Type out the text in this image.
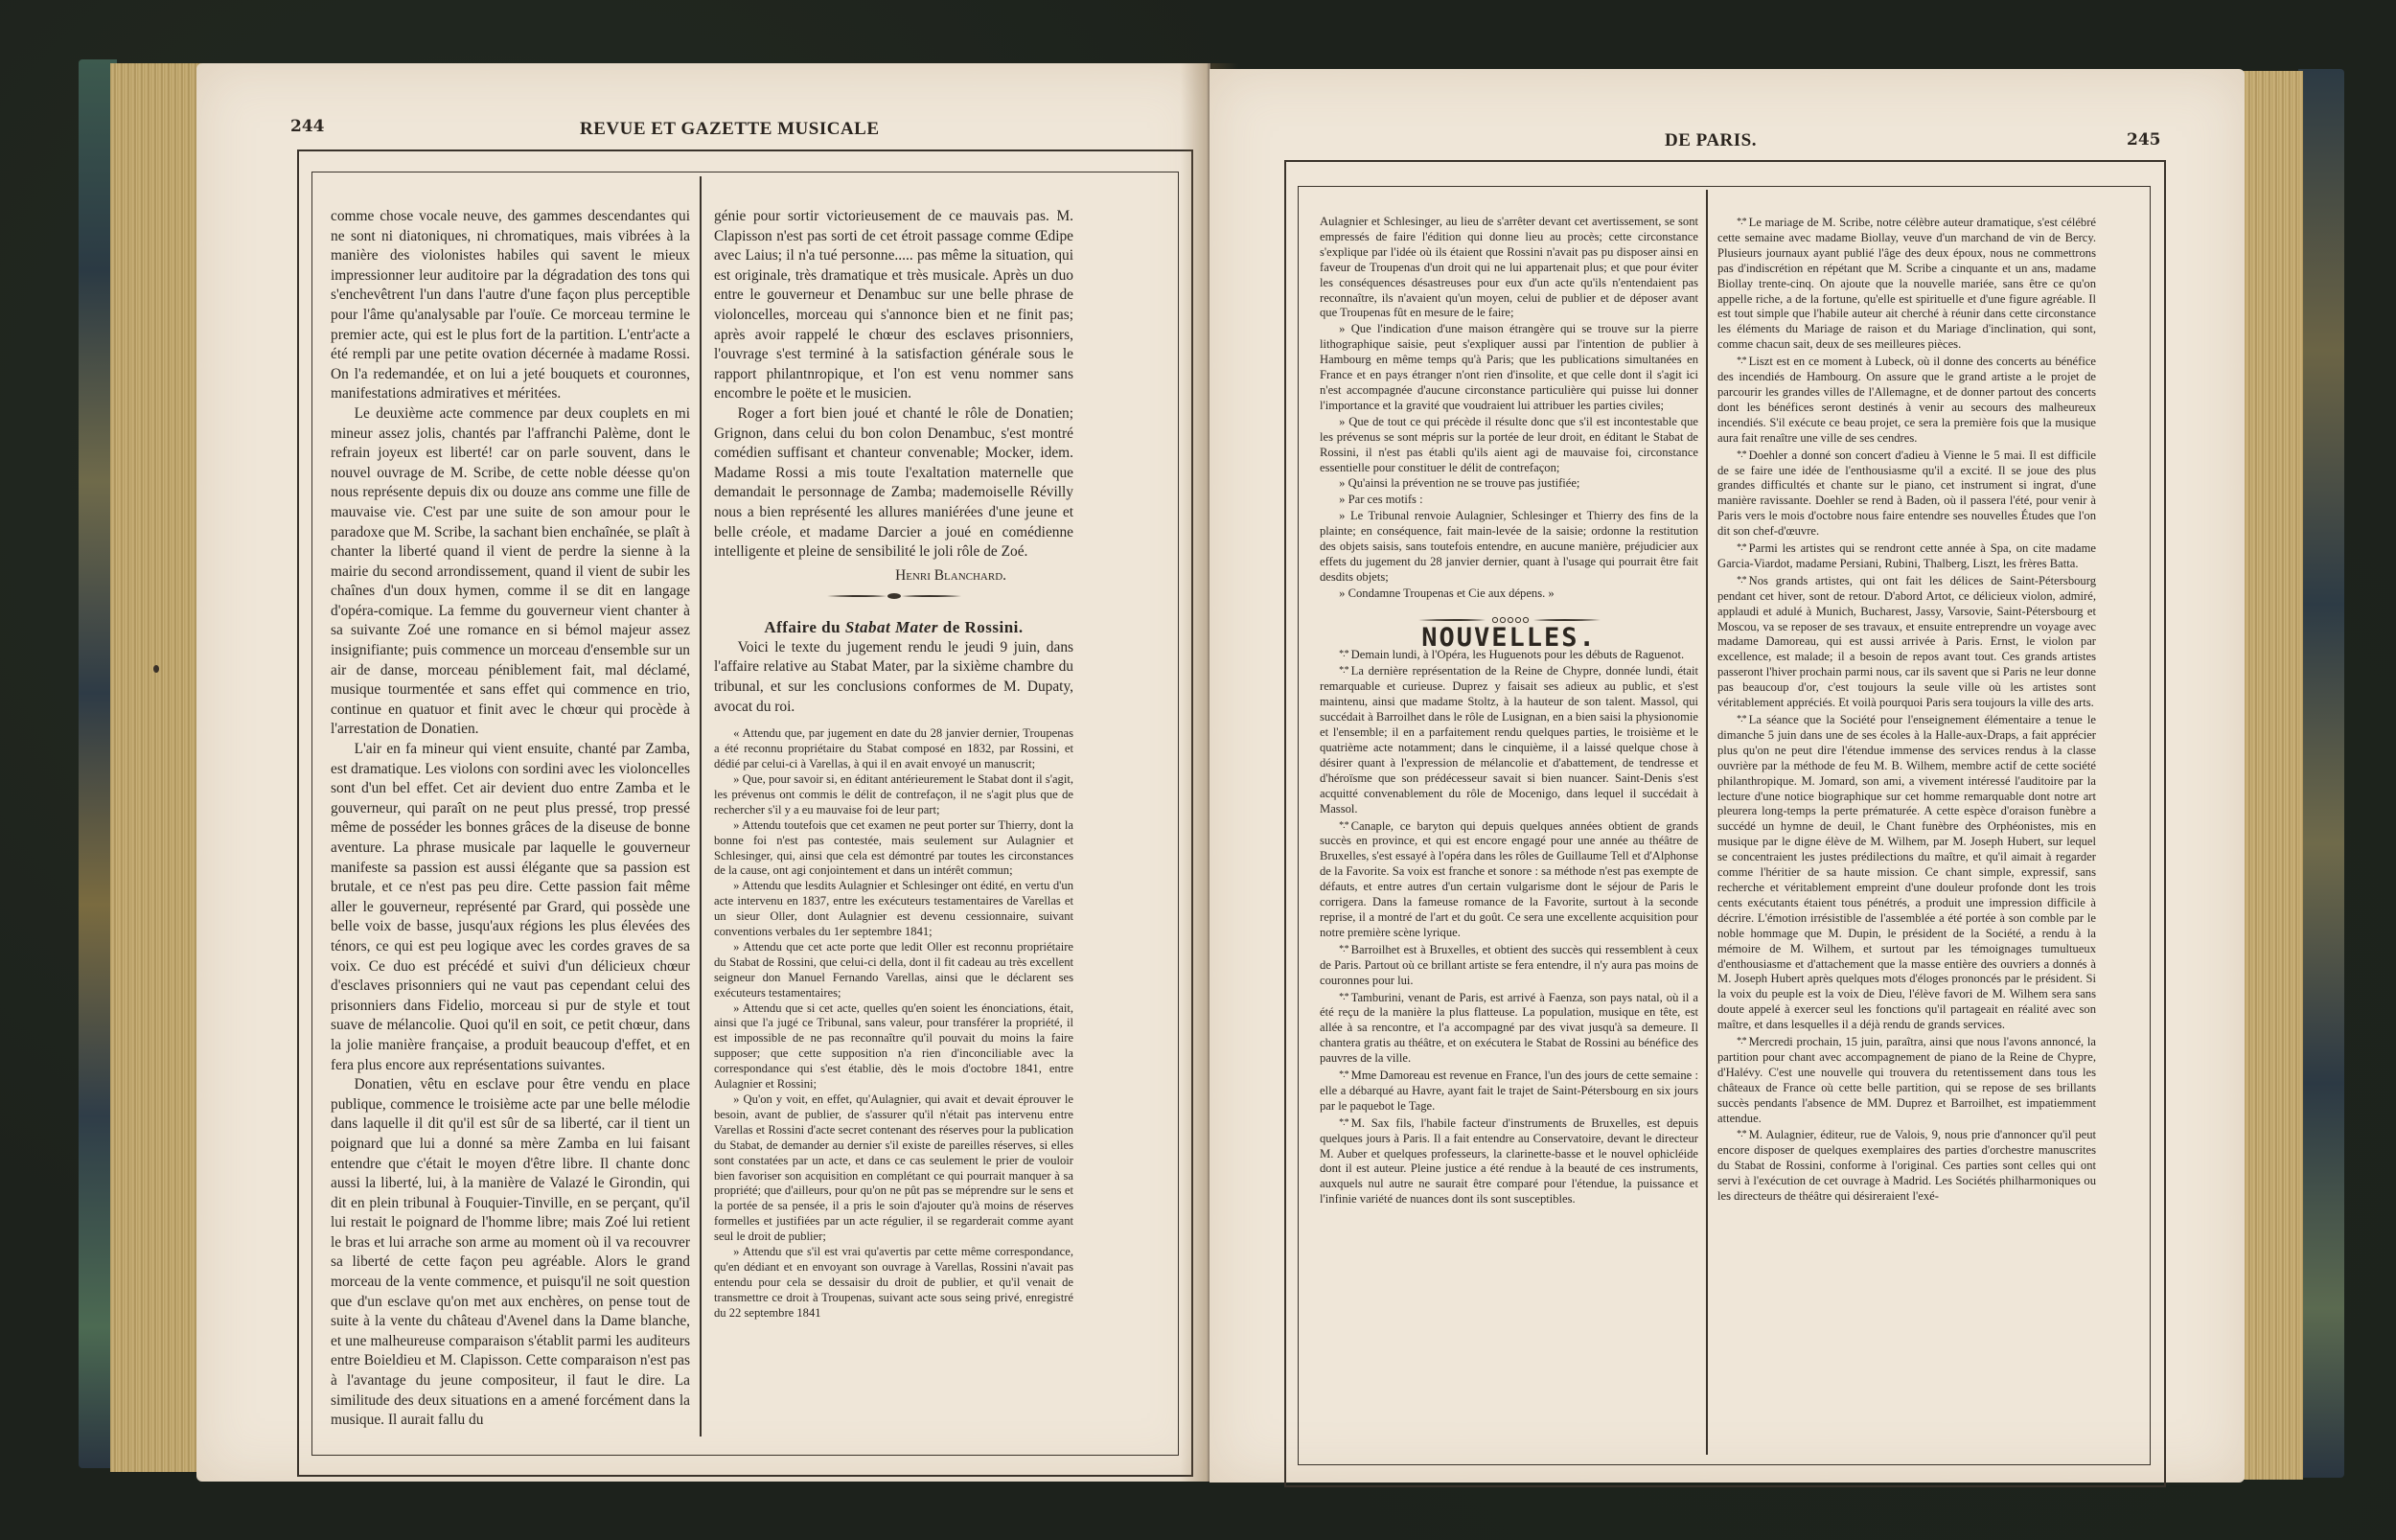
244	REVUE ET GAZETTE MUSICALE

comme chose vocale neuve, des gammes descendantes qui ne sont ni diatoniques, ni chromatiques, mais vibrées à la manière des violonistes habiles qui savent le mieux impressionner leur auditoire par la dégradation des tons qui s'enchevêtrent l'un dans l'autre d'une façon plus perceptible pour l'âme qu'analysable par l'ouïe. Ce morceau termine le premier acte, qui est le plus fort de la partition. L'entr'acte a été rempli par une petite ovation décernée à madame Rossi. On l'a redemandée, et on lui a jeté bouquets et couronnes, manifestations admiratives et méritées.

Le deuxième acte commence par deux couplets en mi mineur assez jolis, chantés par l'affranchi Palème, dont le refrain joyeux est liberté! car on parle souvent, dans le nouvel ouvrage de M. Scribe, de cette noble déesse qu'on nous représente depuis dix ou douze ans comme une fille de mauvaise vie. C'est par une suite de son amour pour le paradoxe que M. Scribe, la sachant bien enchaînée, se plaît à chanter la liberté quand il vient de perdre la sienne à la mairie du second arrondissement, quand il vient de subir les chaînes d'un doux hymen, comme il se dit en langage d'opéra-comique. La femme du gouverneur vient chanter à sa suivante Zoé une romance en si bémol majeur assez insignifiante; puis commence un morceau d'ensemble sur un air de danse, morceau péniblement fait, mal déclamé, musique tourmentée et sans effet qui commence en trio, continue en quatuor et finit avec le chœur qui procède à l'arrestation de Donatien.

L'air en fa mineur qui vient ensuite, chanté par Zamba, est dramatique. Les violons con sordini avec les violoncelles sont d'un bel effet. Cet air devient duo entre Zamba et le gouverneur, qui paraît on ne peut plus pressé, trop pressé même de posséder les bonnes grâces de la diseuse de bonne aventure. La phrase musicale par laquelle le gouverneur manifeste sa passion est aussi élégante que sa passion est brutale, et ce n'est pas peu dire. Cette passion fait même aller le gouverneur, représenté par Grard, qui possède une belle voix de basse, jusqu'aux régions les plus élevées des ténors, ce qui est peu logique avec les cordes graves de sa voix. Ce duo est précédé et suivi d'un délicieux chœur d'esclaves prisonniers qui ne vaut pas cependant celui des prisonniers dans Fidelio, morceau si pur de style et tout suave de mélancolie. Quoi qu'il en soit, ce petit chœur, dans la jolie manière française, a produit beaucoup d'effet, et en fera plus encore aux représentations suivantes.

Donatien, vêtu en esclave pour être vendu en place publique, commence le troisième acte par une belle mélodie dans laquelle il dit qu'il est sûr de sa liberté, car il tient un poignard que lui a donné sa mère Zamba en lui faisant entendre que c'était le moyen d'être libre. Il chante donc aussi la liberté, lui, à la manière de Valazé le Girondin, qui dit en plein tribunal à Fouquier-Tinville, en se perçant, qu'il lui restait le poignard de l'homme libre; mais Zoé lui retient le bras et lui arrache son arme au moment où il va recouvrer sa liberté de cette façon peu agréable. Alors le grand morceau de la vente commence, et puisqu'il ne soit question que d'un esclave qu'on met aux enchères, on pense tout de suite à la vente du château d'Avenel dans la Dame blanche, et une malheureuse comparaison s'établit parmi les auditeurs entre Boieldieu et M. Clapisson. Cette comparaison n'est pas à l'avantage du jeune compositeur, il faut le dire. La similitude des deux situations en a amené forcément dans la musique. Il aurait fallu du

génie pour sortir victorieusement de ce mauvais pas. M. Clapisson n'est pas sorti de cet étroit passage comme Œdipe avec Laius; il n'a tué personne..... pas même la situation, qui est originale, très dramatique et très musicale. Après un duo entre le gouverneur et Denambuc sur une belle phrase de violoncelles, morceau qui s'annonce bien et ne finit pas; après avoir rappelé le chœur des esclaves prisonniers, l'ouvrage s'est terminé à la satisfaction générale sous le rapport philantnropique, et l'on est venu nommer sans encombre le poëte et le musicien.

Roger a fort bien joué et chanté le rôle de Donatien; Grignon, dans celui du bon colon Denambuc, s'est montré comédien suffisant et chanteur convenable; Mocker, idem. Madame Rossi a mis toute l'exaltation maternelle que demandait le personnage de Zamba; mademoiselle Révilly nous a bien représenté les allures maniérées d'une jeune et belle créole, et madame Darcier a joué en comédienne intelligente et pleine de sensibilité le joli rôle de Zoé.

Henri Blanchard.

Affaire du Stabat Mater de Rossini.

Voici le texte du jugement rendu le jeudi 9 juin, dans l'affaire relative au Stabat Mater, par la sixième chambre du tribunal, et sur les conclusions conformes de M. Dupaty, avocat du roi.

« Attendu que, par jugement en date du 28 janvier dernier, Troupenas a été reconnu propriétaire du Stabat composé en 1832, par Rossini, et dédié par celui-ci à Varellas, à qui il en avait envoyé un manuscrit;

» Que, pour savoir si, en éditant antérieurement le Stabat dont il s'agit, les prévenus ont commis le délit de contrefaçon, il ne s'agit plus que de rechercher s'il y a eu mauvaise foi de leur part;

» Attendu toutefois que cet examen ne peut porter sur Thierry, dont la bonne foi n'est pas contestée, mais seulement sur Aulagnier et Schlesinger, qui, ainsi que cela est démontré par toutes les circonstances de la cause, ont agi conjointement et dans un intérêt commun;

» Attendu que lesdits Aulagnier et Schlesinger ont édité, en vertu d'un acte intervenu en 1837, entre les exécuteurs testamentaires de Varellas et un sieur Oller, dont Aulagnier est devenu cessionnaire, suivant conventions verbales du 1er septembre 1841;

» Attendu que cet acte porte que ledit Oller est reconnu propriétaire du Stabat de Rossini, que celui-ci della, dont il fit cadeau au très excellent seigneur don Manuel Fernando Varellas, ainsi que le déclarent ses exécuteurs testamentaires;

» Attendu que si cet acte, quelles qu'en soient les énonciations, était, ainsi que l'a jugé ce Tribunal, sans valeur, pour transférer la propriété, il est impossible de ne pas reconnaître qu'il pouvait du moins la faire supposer; que cette supposition n'a rien d'inconciliable avec la correspondance qui s'est établie, dès le mois d'octobre 1841, entre Aulagnier et Rossini;

» Qu'on y voit, en effet, qu'Aulagnier, qui avait et devait éprouver le besoin, avant de publier, de s'assurer qu'il n'était pas intervenu entre Varellas et Rossini d'acte secret contenant des réserves pour la publication du Stabat, de demander au dernier s'il existe de pareilles réserves, si elles sont constatées par un acte, et dans ce cas seulement le prier de vouloir bien favoriser son acquisition en complétant ce qui pourrait manquer à sa propriété; que d'ailleurs, pour qu'on ne pût pas se méprendre sur le sens et la portée de sa pensée, il a pris le soin d'ajouter qu'à moins de réserves formelles et justifiées par un acte régulier, il se regarderait comme ayant seul le droit de publier;

» Attendu que s'il est vrai qu'avertis par cette même correspondance, qu'en dédiant et en envoyant son ouvrage à Varellas, Rossini n'avait pas entendu pour cela se dessaisir du droit de publier, et qu'il venait de transmettre ce droit à Troupenas, suivant acte sous seing privé, enregistré du 22 septembre 1841

DE PARIS.	245

Aulagnier et Schlesinger, au lieu de s'arrêter devant cet avertissement, se sont empressés de faire l'édition qui donne lieu au procès; cette circonstance s'explique par l'idée où ils étaient que Rossini n'avait pas pu disposer ainsi en faveur de Troupenas d'un droit qui ne lui appartenait plus; et que pour éviter les conséquences désastreuses pour eux d'un acte qu'ils n'entendaient pas reconnaître, ils n'avaient qu'un moyen, celui de publier et de déposer avant que Troupenas fût en mesure de le faire;

» Que l'indication d'une maison étrangère qui se trouve sur la pierre lithographique saisie, peut s'expliquer aussi par l'intention de publier à Hambourg en même temps qu'à Paris; que les publications simultanées en France et en pays étranger n'ont rien d'insolite, et que celle dont il s'agit ici n'est accompagnée d'aucune circonstance particulière qui puisse lui donner l'importance et la gravité que voudraient lui attribuer les parties civiles;

» Que de tout ce qui précède il résulte donc que s'il est incontestable que les prévenus se sont mépris sur la portée de leur droit, en éditant le Stabat de Rossini, il n'est pas établi qu'ils aient agi de mauvaise foi, circonstance essentielle pour constituer le délit de contrefaçon;

» Qu'ainsi la prévention ne se trouve pas justifiée;

» Par ces motifs :

» Le Tribunal renvoie Aulagnier, Schlesinger et Thierry des fins de la plainte; en conséquence, fait main-levée de la saisie; ordonne la restitution des objets saisis, sans toutefois entendre, en aucune manière, préjudicier aux effets du jugement du 28 janvier dernier, quant à l'usage qui pourrait être fait desdits objets;

» Condamne Troupenas et Cie aux dépens. »

NOUVELLES.

*.* Demain lundi, à l'Opéra, les Huguenots pour les débuts de Raguenot.

*.* La dernière représentation de la Reine de Chypre, donnée lundi, était remarquable et curieuse. Duprez y faisait ses adieux au public, et s'est maintenu, ainsi que madame Stoltz, à la hauteur de son talent. Massol, qui succédait à Barroilhet dans le rôle de Lusignan, en a bien saisi la physionomie et l'ensemble; il en a parfaitement rendu quelques parties, le troisième et le quatrième acte notamment; dans le cinquième, il a laissé quelque chose à désirer quant à l'expression de mélancolie et d'abattement, de tendresse et d'héroïsme que son prédécesseur savait si bien nuancer. Saint-Denis s'est acquitté convenablement du rôle de Mocenigo, dans lequel il succédait à Massol.

*.* Canaple, ce baryton qui depuis quelques années obtient de grands succès en province, et qui est encore engagé pour une année au théâtre de Bruxelles, s'est essayé à l'opéra dans les rôles de Guillaume Tell et d'Alphonse de la Favorite. Sa voix est franche et sonore : sa méthode n'est pas exempte de défauts, et entre autres d'un certain vulgarisme dont le séjour de Paris le corrigera. Dans la fameuse romance de la Favorite, surtout à la seconde reprise, il a montré de l'art et du goût. Ce sera une excellente acquisition pour notre première scène lyrique.

*.* Barroilhet est à Bruxelles, et obtient des succès qui ressemblent à ceux de Paris. Partout où ce brillant artiste se fera entendre, il n'y aura pas moins de couronnes pour lui.

*.* Tamburini, venant de Paris, est arrivé à Faenza, son pays natal, où il a été reçu de la manière la plus flatteuse. La population, musique en tête, est allée à sa rencontre, et l'a accompagné par des vivat jusqu'à sa demeure. Il chantera gratis au théâtre, et on exécutera le Stabat de Rossini au bénéfice des pauvres de la ville.

*.* Mme Damoreau est revenue en France, l'un des jours de cette semaine : elle a débarqué au Havre, ayant fait le trajet de Saint-Pétersbourg en six jours par le paquebot le Tage.

*.* M. Sax fils, l'habile facteur d'instruments de Bruxelles, est depuis quelques jours à Paris. Il a fait entendre au Conservatoire, devant le directeur M. Auber et quelques professeurs, la clarinette-basse et le nouvel ophicléide dont il est auteur. Pleine justice a été rendue à la beauté de ces instruments, auxquels nul autre ne saurait être comparé pour l'étendue, la puissance et l'infinie variété de nuances dont ils sont susceptibles.

*.* Le mariage de M. Scribe, notre célèbre auteur dramatique, s'est célébré cette semaine avec madame Biollay, veuve d'un marchand de vin de Bercy. Plusieurs journaux ayant publié l'âge des deux époux, nous ne commettrons pas d'indiscrétion en répétant que M. Scribe a cinquante et un ans, madame Biollay trente-cinq. On ajoute que la nouvelle mariée, sans être ce qu'on appelle riche, a de la fortune, qu'elle est spirituelle et d'une figure agréable. Il est tout simple que l'habile auteur ait cherché à réunir dans cette circonstance les éléments du Mariage de raison et du Mariage d'inclination, qui sont, comme chacun sait, deux de ses meilleures pièces.

*.* Liszt est en ce moment à Lubeck, où il donne des concerts au bénéfice des incendiés de Hambourg. On assure que le grand artiste a le projet de parcourir les grandes villes de l'Allemagne, et de donner partout des concerts dont les bénéfices seront destinés à venir au secours des malheureux incendiés. S'il exécute ce beau projet, ce sera la première fois que la musique aura fait renaître une ville de ses cendres.

*.* Doehler a donné son concert d'adieu à Vienne le 5 mai. Il est difficile de se faire une idée de l'enthousiasme qu'il a excité. Il se joue des plus grandes difficultés et chante sur le piano, cet instrument si ingrat, d'une manière ravissante. Doehler se rend à Baden, où il passera l'été, pour venir à Paris vers le mois d'octobre nous faire entendre ses nouvelles Études que l'on dit son chef-d'œuvre.

*.* Parmi les artistes qui se rendront cette année à Spa, on cite madame Garcia-Viardot, madame Persiani, Rubini, Thalberg, Liszt, les frères Batta.

*.* Nos grands artistes, qui ont fait les délices de Saint-Pétersbourg pendant cet hiver, sont de retour. D'abord Artot, ce délicieux violon, admiré, applaudi et adulé à Munich, Bucharest, Jassy, Varsovie, Saint-Pétersbourg et Moscou, va se reposer de ses travaux, et ensuite entreprendre un voyage avec madame Damoreau, qui est aussi arrivée à Paris. Ernst, le violon par excellence, est malade; il a besoin de repos avant tout. Ces grands artistes passeront l'hiver prochain parmi nous, car ils savent que si Paris ne leur donne pas beaucoup d'or, c'est toujours la seule ville où les artistes sont véritablement appréciés. Et voilà pourquoi Paris sera toujours la ville des arts.

*.* La séance que la Société pour l'enseignement élémentaire a tenue le dimanche 5 juin dans une de ses écoles à la Halle-aux-Draps, a fait apprécier plus qu'on ne peut dire l'étendue immense des services rendus à la classe ouvrière par la méthode de feu M. B. Wilhem, membre actif de cette société philanthropique. M. Jomard, son ami, a vivement intéressé l'auditoire par la lecture d'une notice biographique sur cet homme remarquable dont notre art pleurera long-temps la perte prématurée. A cette espèce d'oraison funèbre a succédé un hymne de deuil, le Chant funèbre des Orphéonistes, mis en musique par le digne élève de M. Wilhem, par M. Joseph Hubert, sur lequel se concentraient les justes prédilections du maître, et qu'il aimait à regarder comme l'héritier de sa haute mission. Ce chant simple, expressif, sans recherche et véritablement empreint d'une douleur profonde dont les trois cents exécutants étaient tous pénétrés, a produit une impression difficile à décrire. L'émotion irrésistible de l'assemblée a été portée à son comble par le noble hommage que M. Dupin, le président de la Société, a rendu à la mémoire de M. Wilhem, et surtout par les témoignages tumultueux d'enthousiasme et d'attachement que la masse entière des ouvriers a donnés à M. Joseph Hubert après quelques mots d'éloges prononcés par le président. Si la voix du peuple est la voix de Dieu, l'élève favori de M. Wilhem sera sans doute appelé à exercer seul les fonctions qu'il partageait en réalité avec son maître, et dans lesquelles il a déjà rendu de grands services.

*.* Mercredi prochain, 15 juin, paraîtra, ainsi que nous l'avons annoncé, la partition pour chant avec accompagnement de piano de la Reine de Chypre, d'Halévy. C'est une nouvelle qui trouvera du retentissement dans tous les châteaux de France où cette belle partition, qui se repose de ses brillants succès pendants l'absence de MM. Duprez et Barroilhet, est impatiemment attendue.

*.* M. Aulagnier, éditeur, rue de Valois, 9, nous prie d'annoncer qu'il peut encore disposer de quelques exemplaires des parties d'orchestre manuscrites du Stabat de Rossini, conforme à l'original. Ces parties sont celles qui ont servi à l'exécution de cet ouvrage à Madrid. Les Sociétés philharmoniques ou les directeurs de théâtre qui désireraient l'exé-
